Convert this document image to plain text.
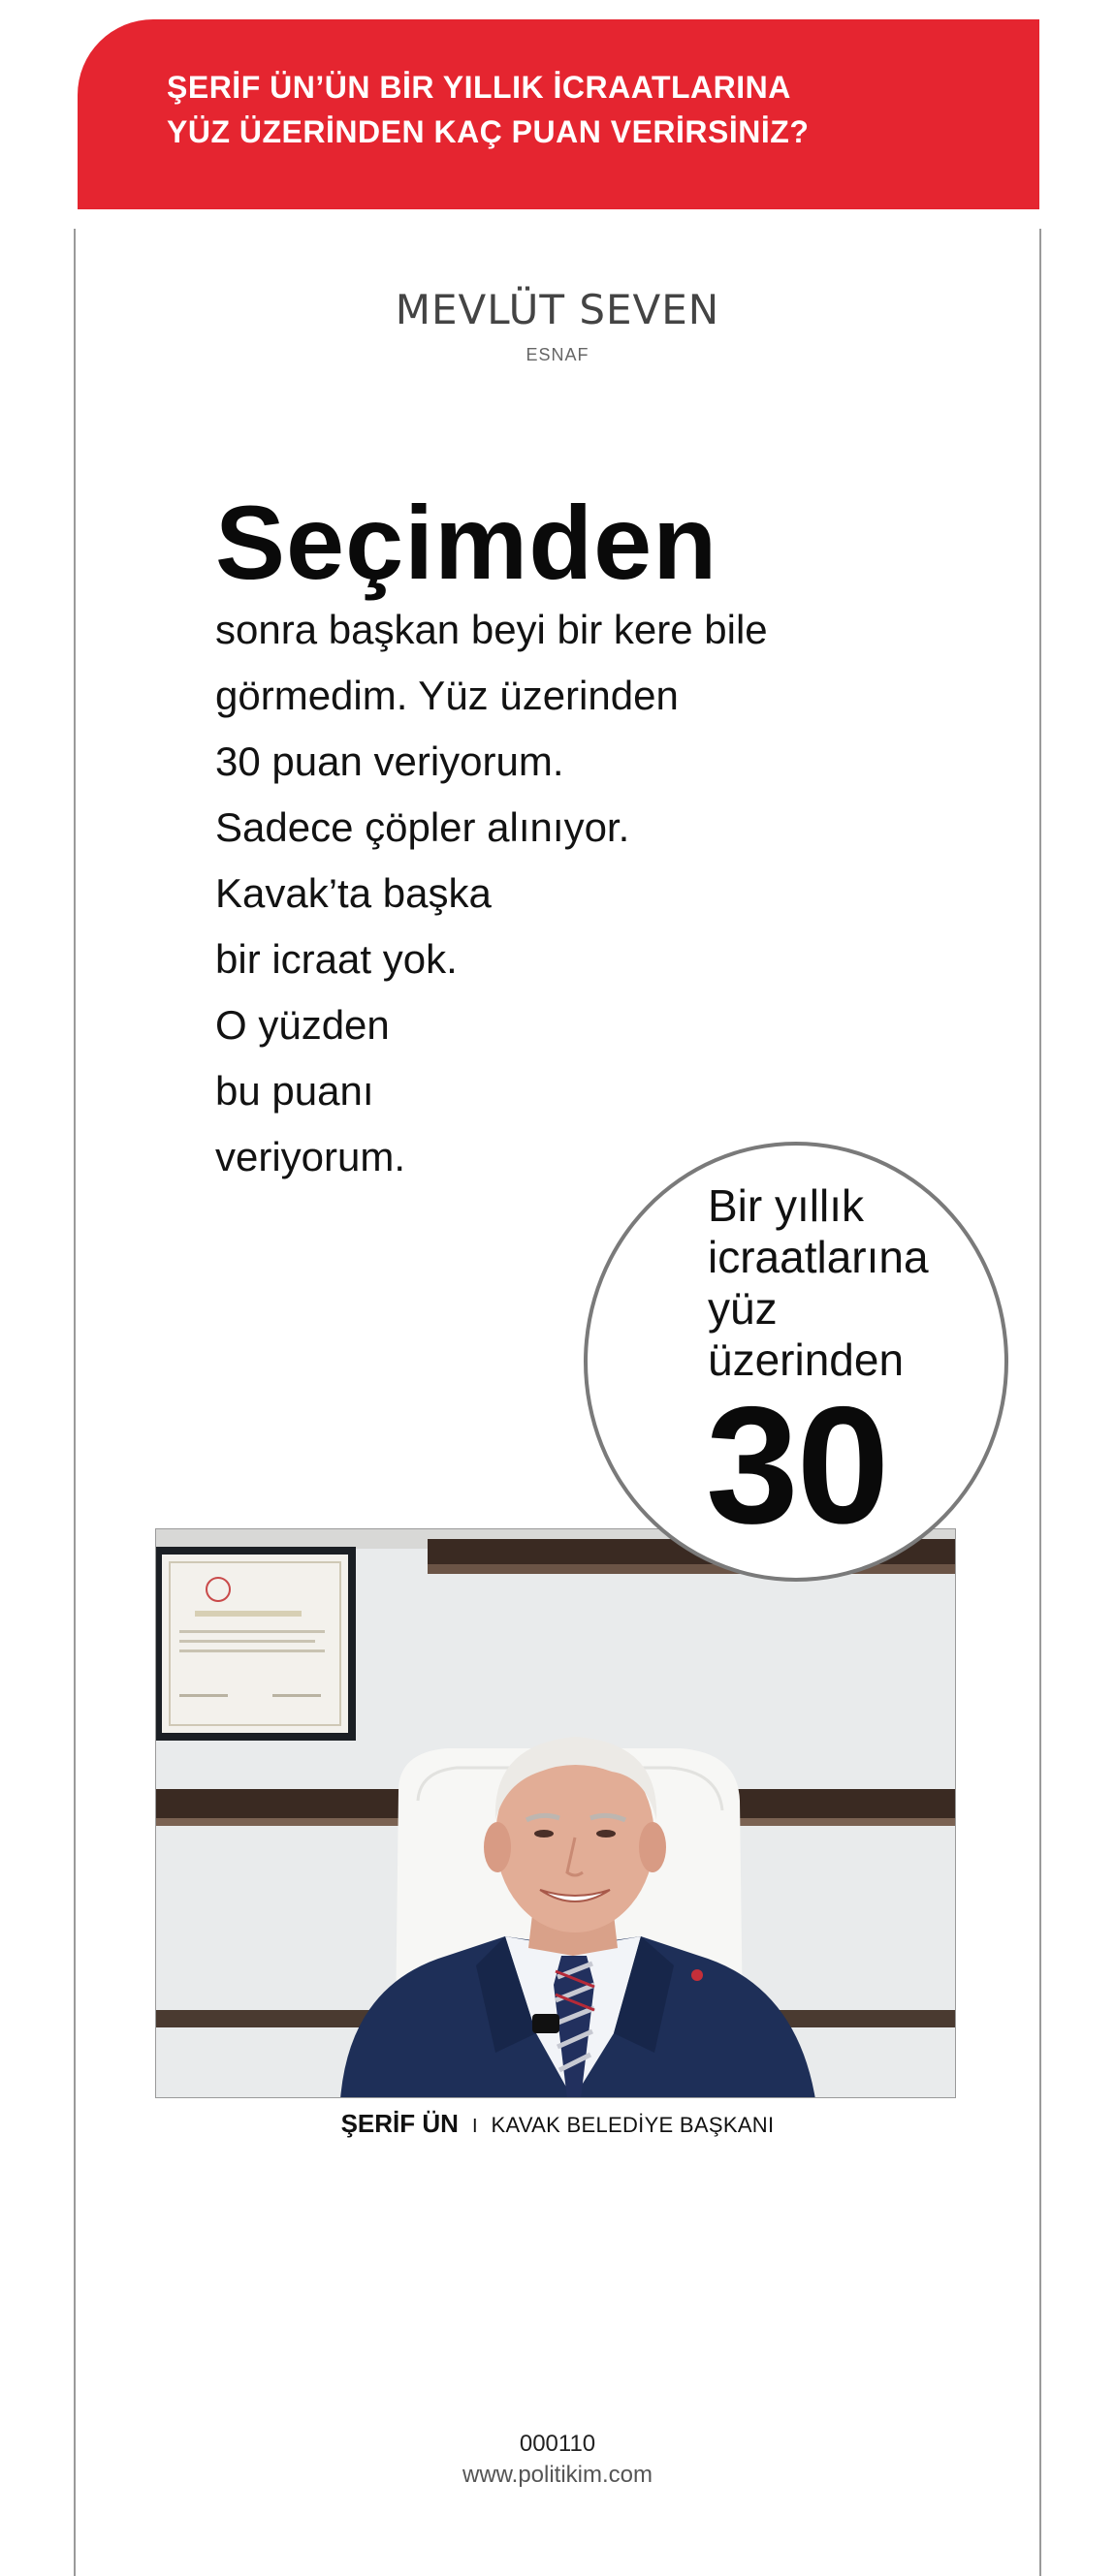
ŞERİF ÜN’ÜN BİR YILLIK İCRAATLARINA
YÜZ ÜZERİNDEN KAÇ PUAN VERİRSİNİZ?
MEVLÜT SEVEN
ESNAF
Seçimden
sonra başkan beyi bir kere bile
görmedim. Yüz üzerinden
30 puan veriyorum.
Sadece çöpler alınıyor.
Kavak’ta başka
bir icraat yok.
O yüzden
bu puanı
veriyorum.
Bir yıllık
icraatlarına
yüz
üzerinden
30
ŞERİF ÜN I KAVAK BELEDİYE BAŞKANI
000110
www.politikim.com
